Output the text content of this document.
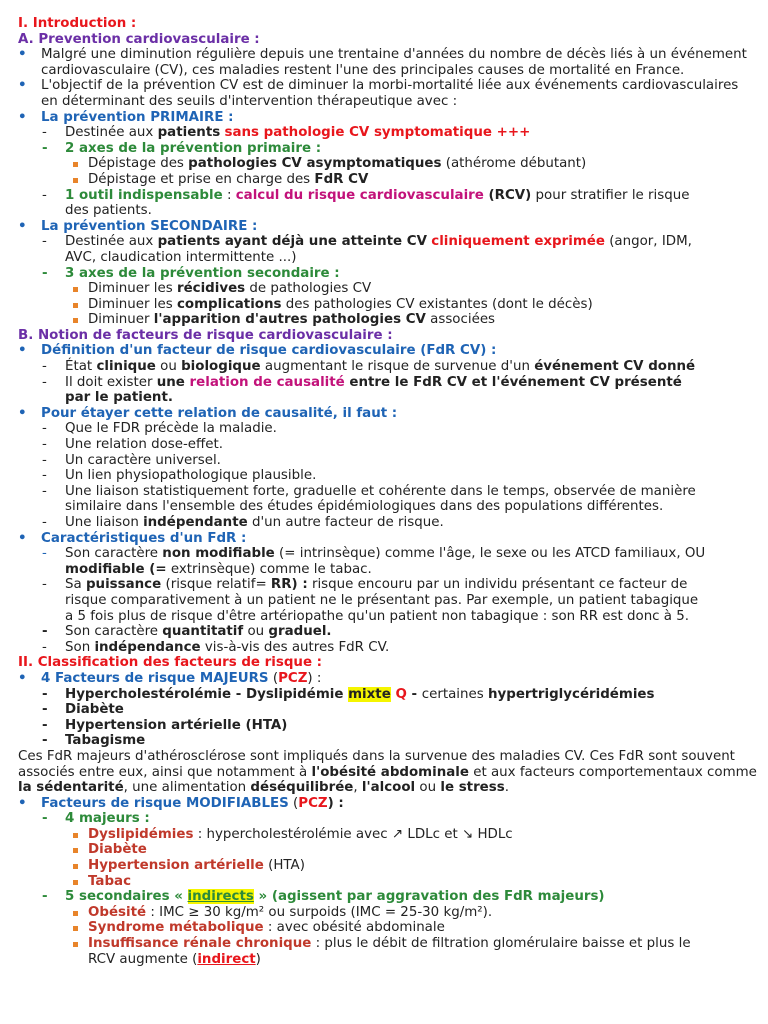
I. Introduction :
A. Prevention cardiovasculaire :
• Malgré une diminution régulière depuis une trentaine d'années du nombre de décès liés à un événement cardiovasculaire (CV), ces maladies restent l'une des principales causes de mortalité en France.
• L'objectif de la prévention CV est de diminuer la morbi-mortalité liée aux événements cardiovasculaires en déterminant des seuils d'intervention thérapeutique avec :
• La prévention PRIMAIRE :
- Destinée aux patients sans pathologie CV symptomatique +++
- 2 axes de la prévention primaire :
Dépistage des pathologies CV asymptomatiques (athérome débutant)
Dépistage et prise en charge des FdR CV
- 1 outil indispensable : calcul du risque cardiovasculaire (RCV) pour stratifier le risque
des patients.
• La prévention SECONDAIRE :
- Destinée aux patients ayant déjà une atteinte CV cliniquement exprimée (angor, IDM,
AVC, claudication intermittente ...)
- 3 axes de la prévention secondaire :
Diminuer les récidives de pathologies CV
Diminuer les complications des pathologies CV existantes (dont le décès)
Diminuer l'apparition d'autres pathologies CV associées
B. Notion de facteurs de risque cardiovasculaire :
• Définition d'un facteur de risque cardiovasculaire (FdR CV) :
- État clinique ou biologique augmentant le risque de survenue d'un événement CV donné
- Il doit exister une relation de causalité entre le FdR CV et l'événement CV présenté
par le patient.
• Pour étayer cette relation de causalité, il faut :
- Que le FDR précède la maladie.
- Une relation dose-effet.
- Un caractère universel.
- Un lien physiopathologique plausible.
- Une liaison statistiquement forte, graduelle et cohérente dans le temps, observée de manière
similaire dans l'ensemble des études épidémiologiques dans des populations différentes.
- Une liaison indépendante d'un autre facteur de risque.
• Caractéristiques d'un FdR :
- Son caractère non modifiable (= intrinsèque) comme l'âge, le sexe ou les ATCD familiaux, OU
modifiable (= extrinsèque) comme le tabac.
- Sa puissance (risque relatif= RR) : risque encouru par un individu présentant ce facteur de
risque comparativement à un patient ne le présentant pas. Par exemple, un patient tabagique
a 5 fois plus de risque d'être artériopathe qu'un patient non tabagique : son RR est donc à 5.
- Son caractère quantitatif ou graduel.
- Son indépendance vis-à-vis des autres FdR CV.
II. Classification des facteurs de risque :
• 4 Facteurs de risque MAJEURS (PCZ) :
- Hypercholestérolémie - Dyslipidémie mixte Q - certaines hypertriglycéridémies
- Diabète
- Hypertension artérielle (HTA)
- Tabagisme
Ces FdR majeurs d'athérosclérose sont impliqués dans la survenue des maladies CV. Ces FdR sont souvent associés entre eux, ainsi que notamment à l'obésité abdominale et aux facteurs comportementaux comme la sédentarité, une alimentation déséquilibrée, l'alcool ou le stress.
• Facteurs de risque MODIFIABLES (PCZ) :
- 4 majeurs :
Dyslipidémies : hypercholestérolémie avec ↗ LDLc et ↘ HDLc
Diabète
Hypertension artérielle (HTA)
Tabac
- 5 secondaires « indirects » (agissent par aggravation des FdR majeurs)
Obésité : IMC ≥ 30 kg/m² ou surpoids (IMC = 25-30 kg/m²).
Syndrome métabolique : avec obésité abdominale
Insuffisance rénale chronique : plus le débit de filtration glomérulaire baisse et plus le
RCV augmente (indirect)
